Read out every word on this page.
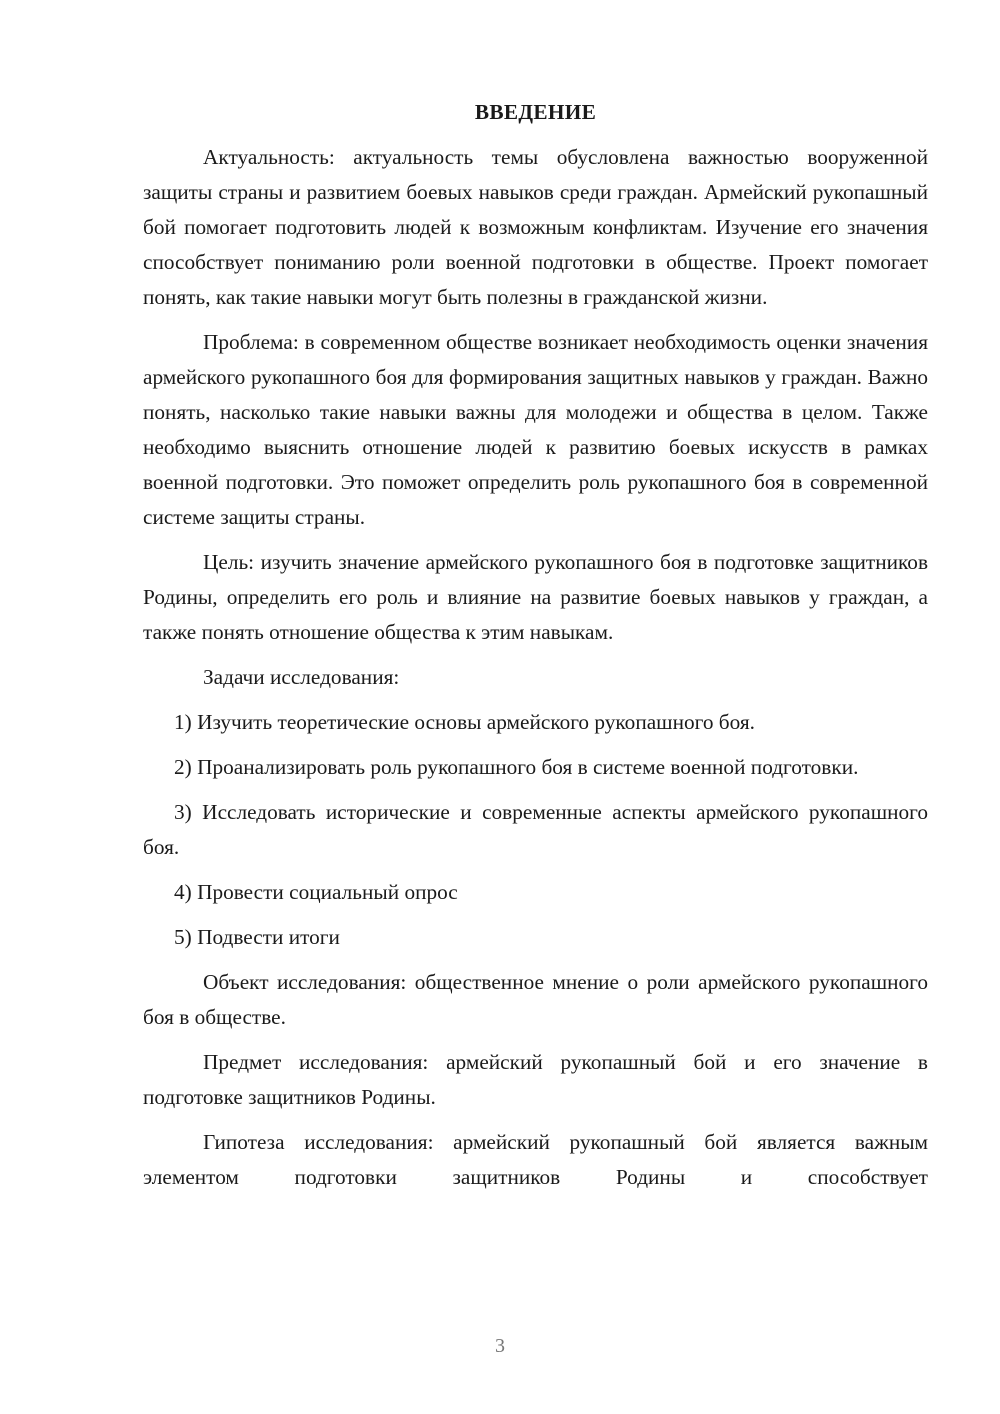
ВВЕДЕНИЕ

Актуальность: актуальность темы обусловлена важностью вооруженной защиты страны и развитием боевых навыков среди граждан. Армейский рукопашный бой помогает подготовить людей к возможным конфликтам. Изучение его значения способствует пониманию роли военной подготовки в обществе. Проект помогает понять, как такие навыки могут быть полезны в гражданской жизни.

Проблема: в современном обществе возникает необходимость оценки значения армейского рукопашного боя для формирования защитных навыков у граждан. Важно понять, насколько такие навыки важны для молодежи и общества в целом. Также необходимо выяснить отношение людей к развитию боевых искусств в рамках военной подготовки. Это поможет определить роль рукопашного боя в современной системе защиты страны.

Цель: изучить значение армейского рукопашного боя в подготовке защитников Родины, определить его роль и влияние на развитие боевых навыков у граждан, а также понять отношение общества к этим навыкам.

Задачи исследования:

1) Изучить теоретические основы армейского рукопашного боя.

2) Проанализировать роль рукопашного боя в системе военной подготовки.

3) Исследовать исторические и современные аспекты армейского рукопашного боя.

4) Провести социальный опрос

5) Подвести итоги

Объект исследования: общественное мнение о роли армейского рукопашного боя в обществе.

Предмет исследования: армейский рукопашный бой и его значение в подготовке защитников Родины.

Гипотеза исследования: армейский рукопашный бой является важным элементом подготовки защитников Родины и способствует

3
